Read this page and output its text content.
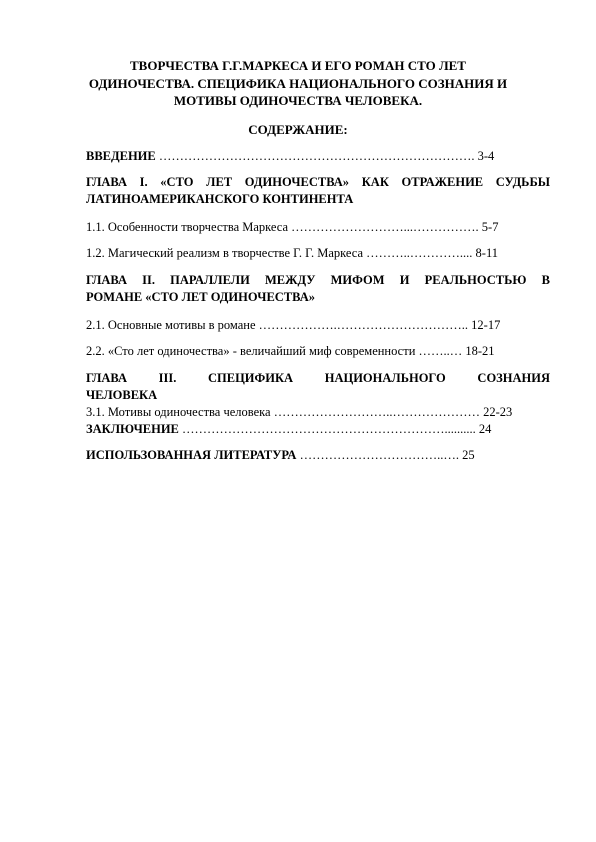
ТВОРЧЕСТВА Г.Г.МАРКЕСА И ЕГО РОМАН СТО ЛЕТ
ОДИНОЧЕСТВА. СПЕЦИФИКА НАЦИОНАЛЬНОГО СОЗНАНИЯ И
МОТИВЫ ОДИНОЧЕСТВА ЧЕЛОВЕКА.
СОДЕРЖАНИЕ:
ВВЕДЕНИЕ …………………………………………………………………. 3-4
ГЛАВА I. «СТО ЛЕТ ОДИНОЧЕСТВА» КАК ОТРАЖЕНИЕ СУДЬБЫ
ЛАТИНОАМЕРИКАНСКОГО КОНТИНЕНТА
1.1. Особенности творчества Маркеса ………………………...……………. 5-7
1.2. Магический реализм в творчестве Г. Г. Маркеса ………..………….... 8-11
ГЛАВА II. ПАРАЛЛЕЛИ МЕЖДУ МИФОМ И РЕАЛЬНОСТЬЮ В
РОМАНЕ «СТО ЛЕТ ОДИНОЧЕСТВА»
2.1. Основные мотивы в романе ……………….………………………….. 12-17
2.2. «Сто лет одиночества» - величайший миф современности ……..… 18-21
ГЛАВА III. СПЕЦИФИКА НАЦИОНАЛЬНОГО СОЗНАНИЯ
ЧЕЛОВЕКА
3.1. Мотивы одиночества человека ………………………..………………… 22-23
ЗАКЛЮЧЕНИЕ ……………………………………………………….......... 24
ИСПОЛЬЗОВАННАЯ ЛИТЕРАТУРА ……………………………..…. 25
